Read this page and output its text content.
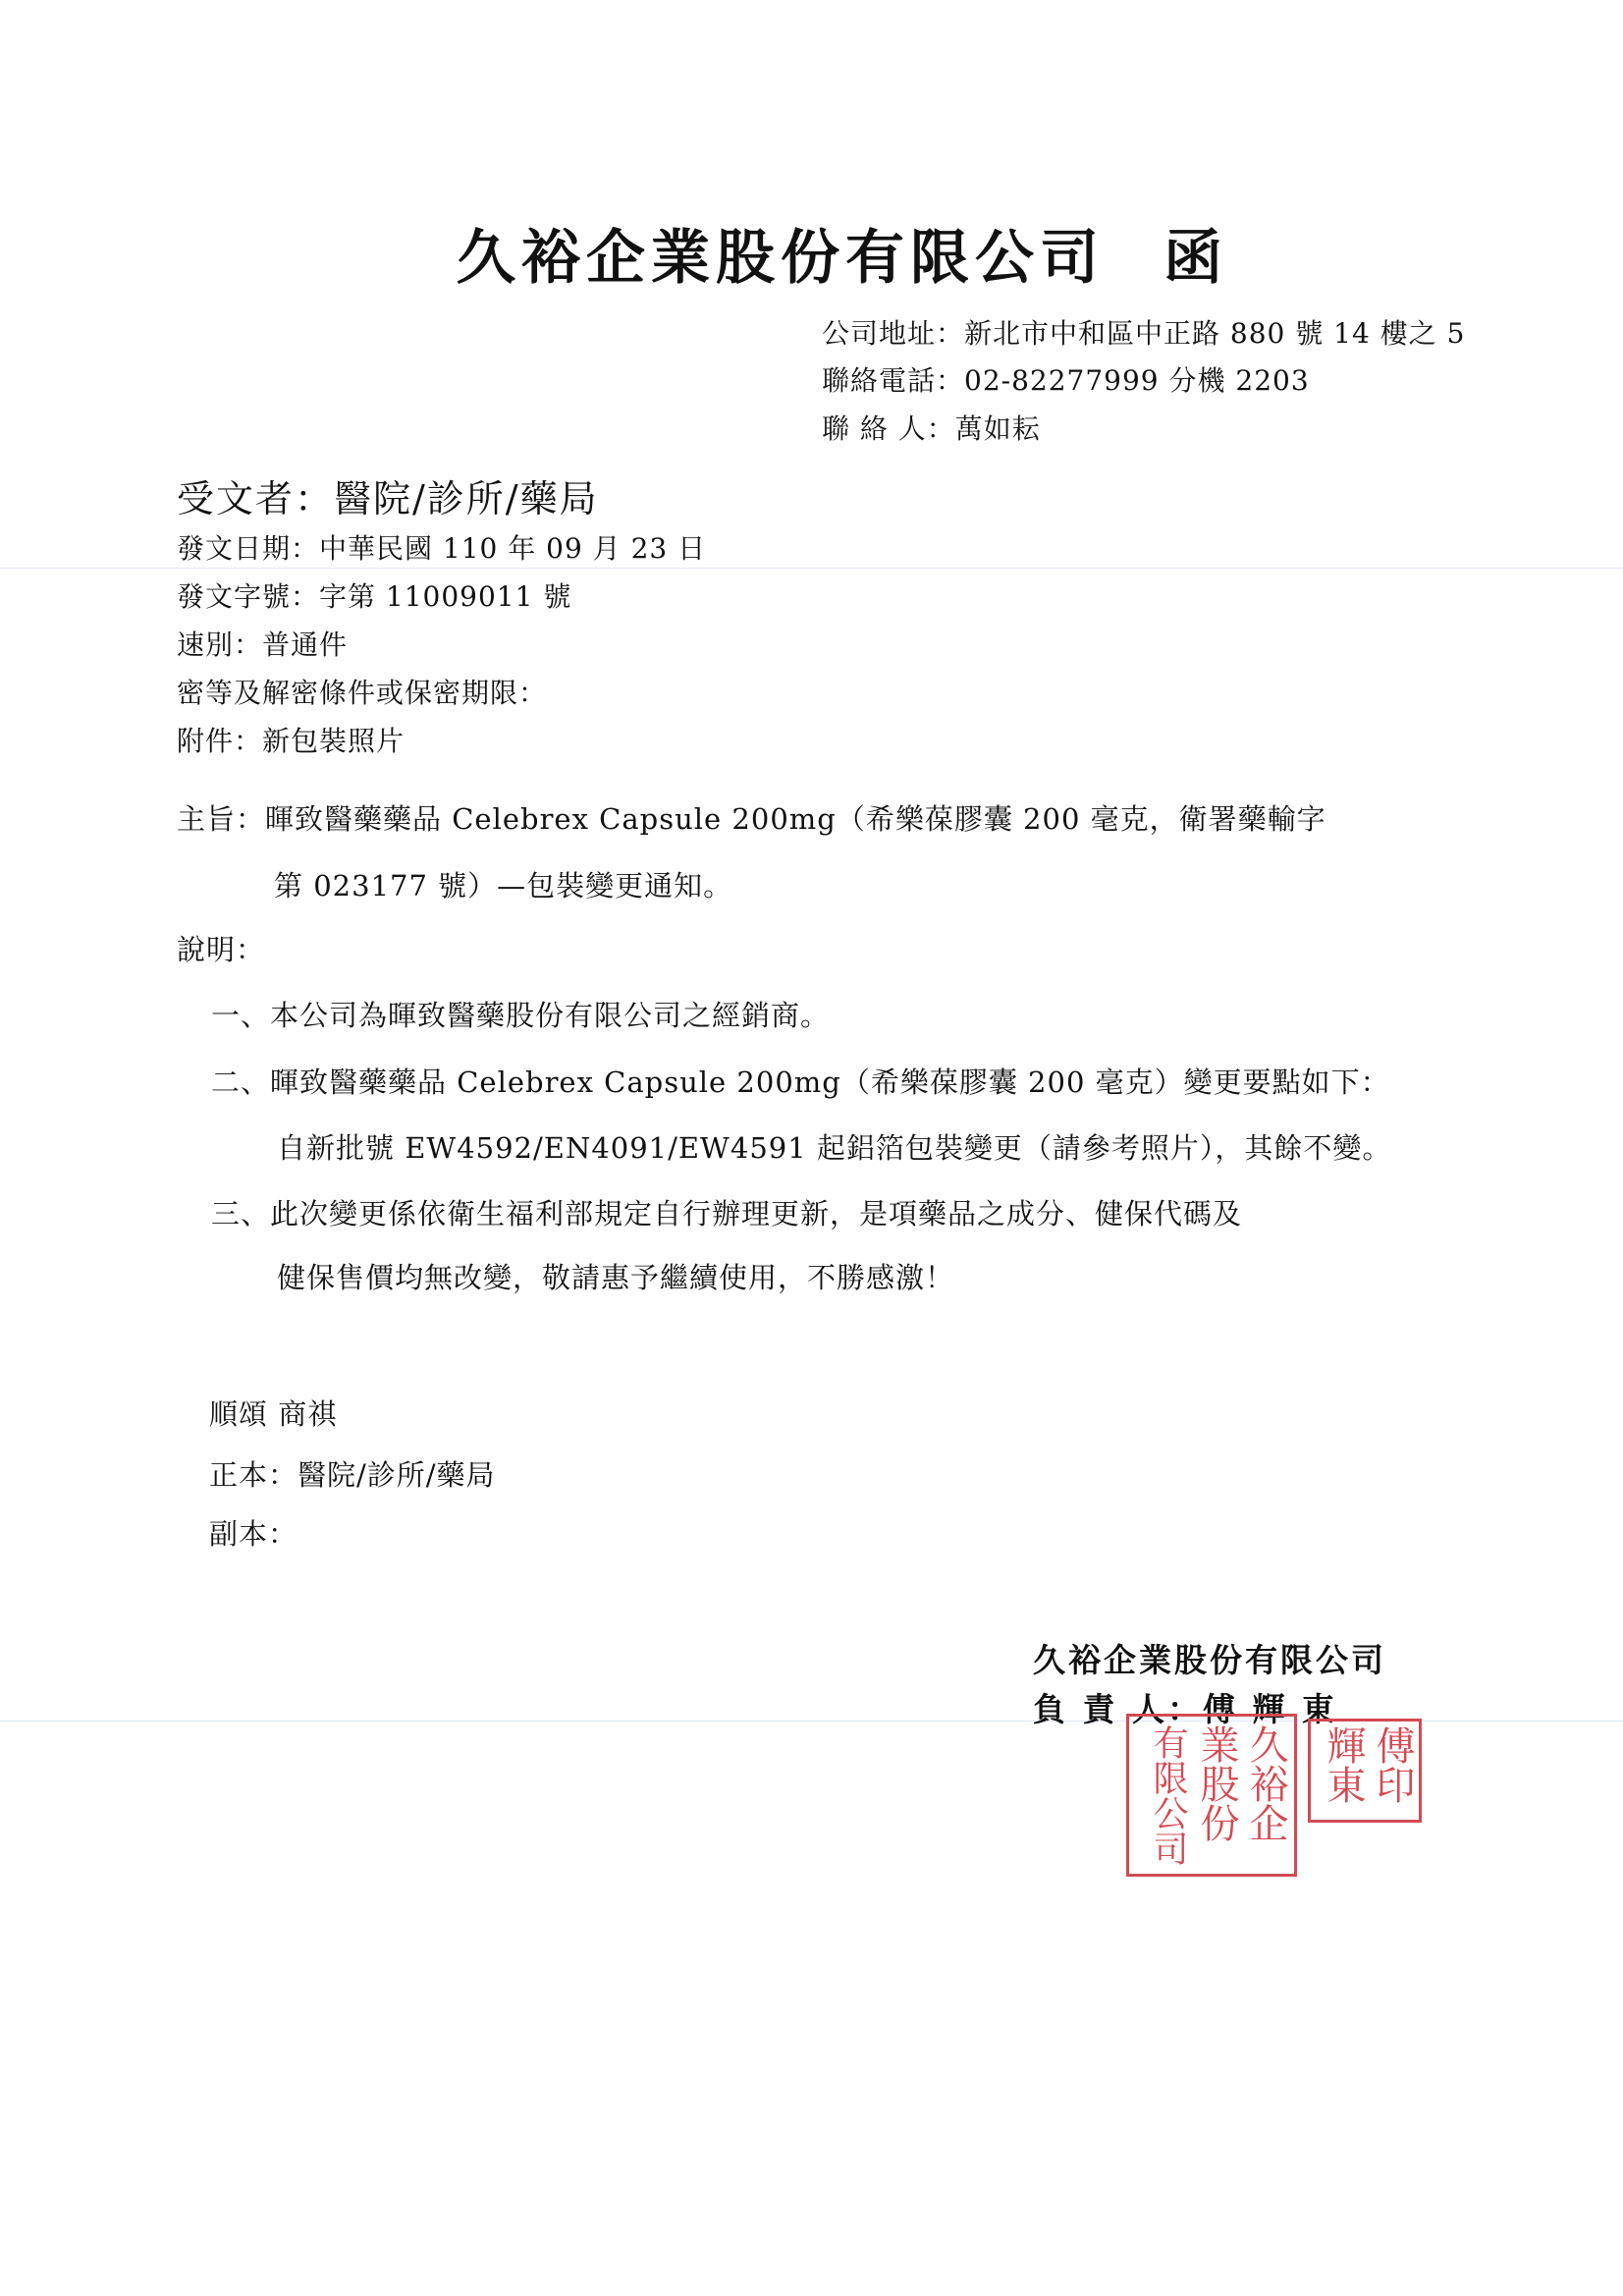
久裕企業股份有限公司 函
公司地址：新北市中和區中正路 880 號 14 樓之 5
聯絡電話：02-82277999 分機 2203
聯 絡 人：萬如耘
受文者：醫院/診所/藥局
發文日期：中華民國 110 年 09 月 23 日
發文字號：字第 11009011 號
速別：普通件
密等及解密條件或保密期限：
附件：新包裝照片
主旨：暉致醫藥藥品 Celebrex Capsule 200mg（希樂葆膠囊 200 毫克，衛署藥輸字
第 023177 號）—包裝變更通知。
說明：
一、本公司為暉致醫藥股份有限公司之經銷商。
二、暉致醫藥藥品 Celebrex Capsule 200mg（希樂葆膠囊 200 毫克）變更要點如下：
自新批號 EW4592/EN4091/EW4591 起鋁箔包裝變更（請參考照片），其餘不變。
三、此次變更係依衛生福利部規定自行辦理更新，是項藥品之成分、健保代碼及
健保售價均無改變，敬請惠予繼續使用，不勝感激！
順頌 商祺
正本：醫院/診所/藥局
副本：
久裕企業股份有限公司
負 責 人：傅 輝 東
久裕企
業股份
有限公司	傅印
輝東
